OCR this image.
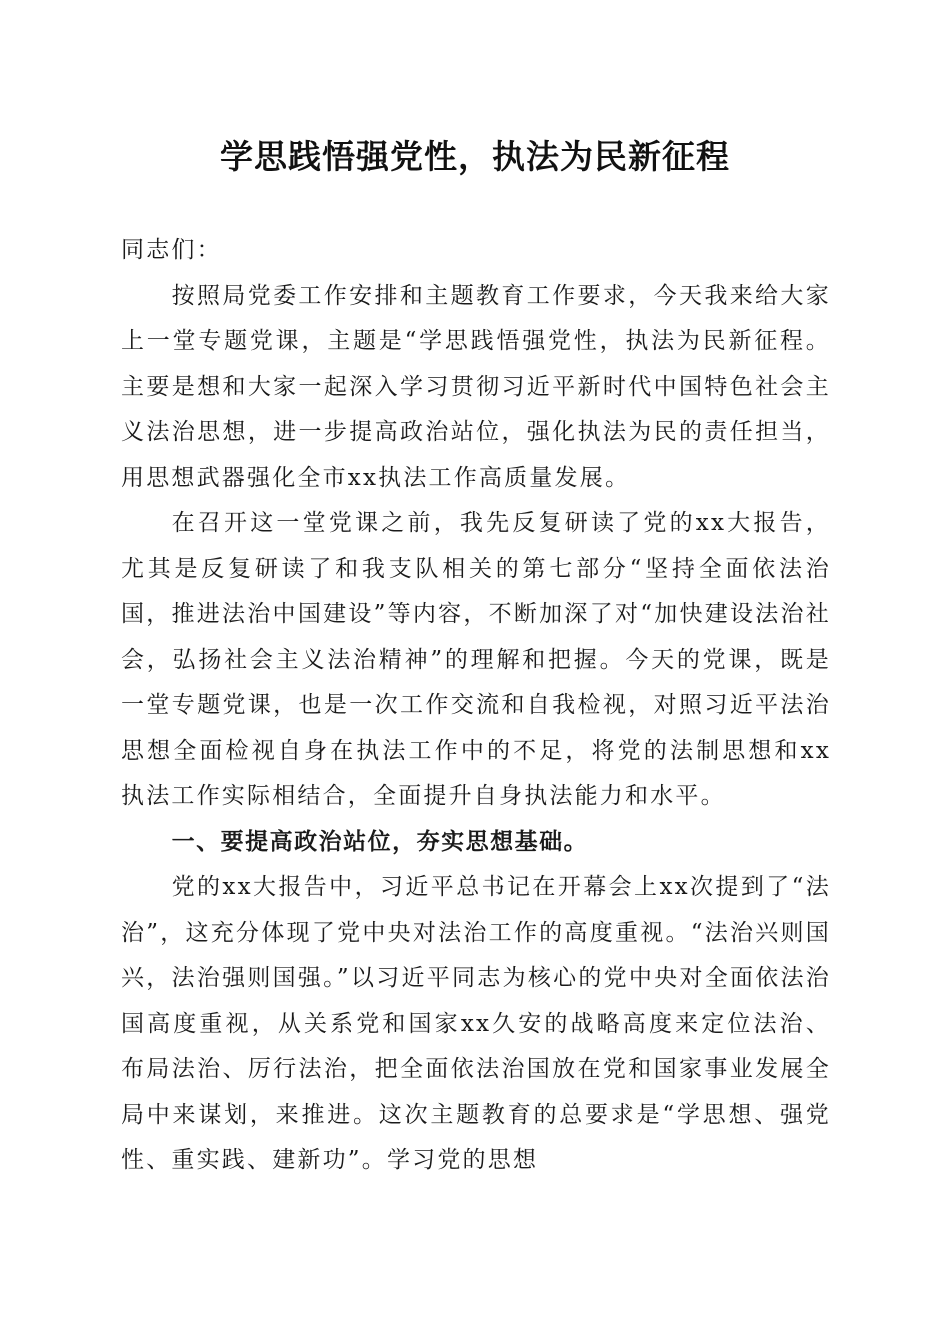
学思践悟强党性，执法为民新征程

同志们：

按照局党委工作安排和主题教育工作要求，今天我来给大家上一堂专题党课，主题是“学思践悟强党性，执法为民新征程。主要是想和大家一起深入学习贯彻习近平新时代中国特色社会主义法治思想，进一步提高政治站位，强化执法为民的责任担当，用思想武器强化全市xx执法工作高质量发展。

在召开这一堂党课之前，我先反复研读了党的xx大报告，尤其是反复研读了和我支队相关的第七部分“坚持全面依法治国，推进法治中国建设”等内容，不断加深了对“加快建设法治社会，弘扬社会主义法治精神”的理解和把握。今天的党课，既是一堂专题党课，也是一次工作交流和自我检视，对照习近平法治思想全面检视自身在执法工作中的不足，将党的法制思想和xx执法工作实际相结合，全面提升自身执法能力和水平。

一、要提高政治站位，夯实思想基础。

党的xx大报告中，习近平总书记在开幕会上xx次提到了“法治”，这充分体现了党中央对法治工作的高度重视。“法治兴则国兴，法治强则国强。”以习近平同志为核心的党中央对全面依法治国高度重视，从关系党和国家xx久安的战略高度来定位法治、布局法治、厉行法治，把全面依法治国放在党和国家事业发展全局中来谋划，来推进。这次主题教育的总要求是“学思想、强党性、重实践、建新功”。学习党的思想
